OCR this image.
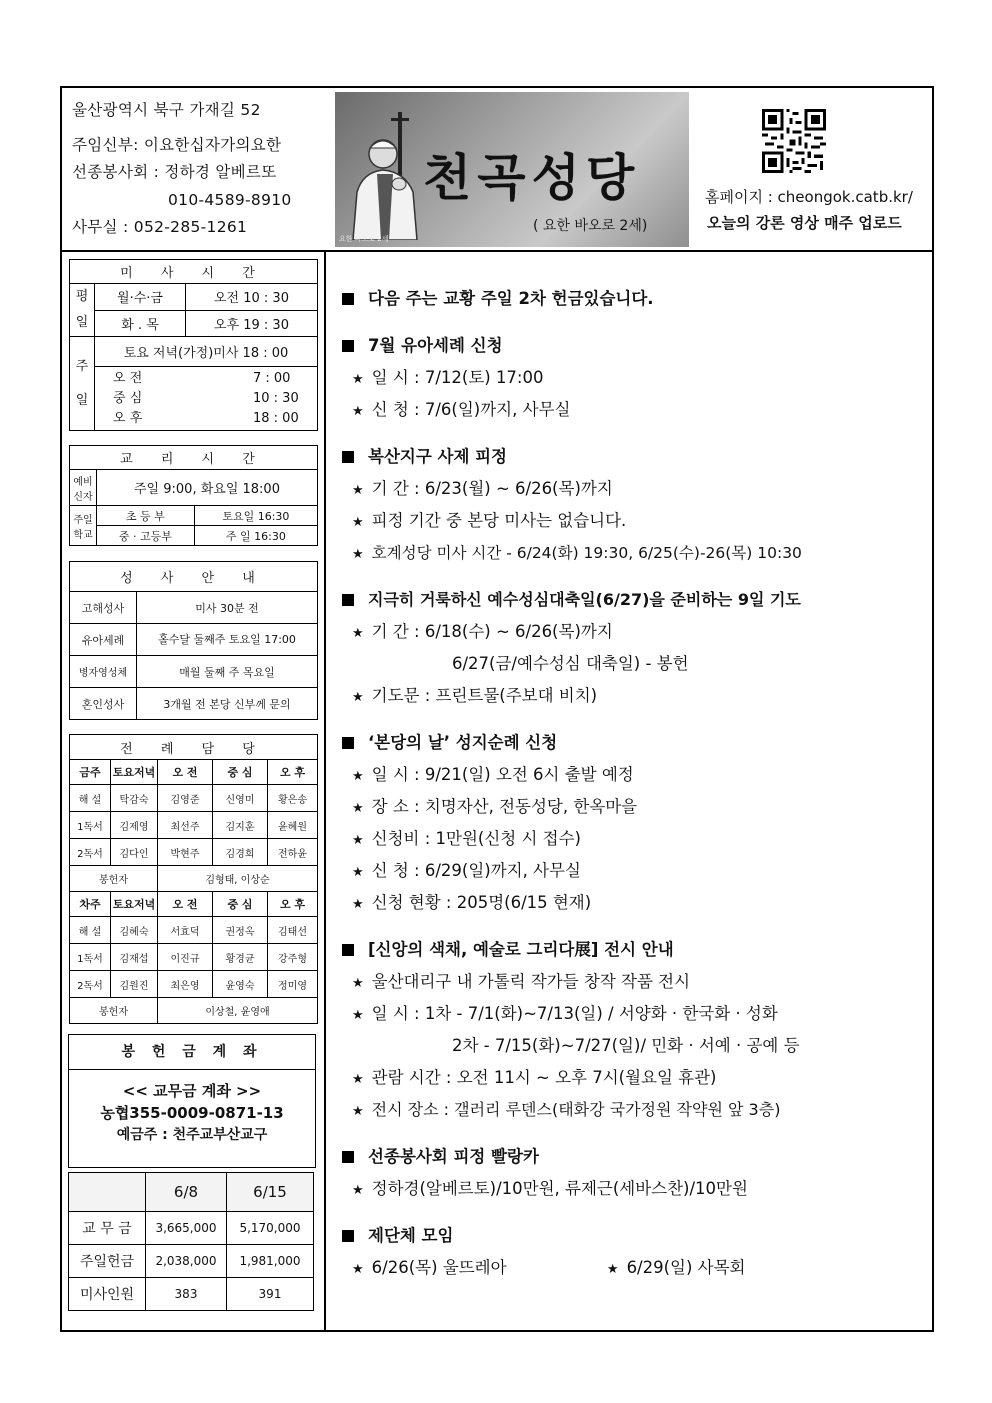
울산광역시 북구 가재길 52
주임신부: 이요한십자가의요한
선종봉사회 : 정하경 알베르또
010-4589-8910
사무실 : 052-285-1261
천곡성당
( 요한 바오로 2세)
요한 바오로 2세
홈페이지 : cheongok.catb.kr/
오늘의 강론 영상 매주 업로드
미 사 시 간		
평일	월·수·금	오전 10 : 30
	화 . 목	오후 19 : 30
주일	토요 저녁(가정)미사 18 : 00	

	오 전 7 : 00
중 심 10 : 30
오 후 18 : 00	
교 리 시 간		
예비 신자	주일 9:00, 화요일 18:00	
주일 학교	초 등 부	토요일 16:30
	중 · 고등부	주 일 16:30
성 사 안 내	
고해성사	미사 30분 전
유아세례	홀수달 둘째주 토요일 17:00
병자영성체	매월 둘째 주 목요일
혼인성사	3개월 전 본당 신부께 문의
전 례 담 당				
금주	토요저녁	오 전	중 심	오 후
해 설	탁감숙	김영준	신영미	황은송
1독서	김제영	최선주	김지훈	윤혜원
2독서	김다인	박현주	김경희	전하윤
봉헌자		김형태, 이상순		
차주	토요저녁	오 전	중 심	오 후
해 설	김혜숙	서효덕	권정옥	김태선
1독서	김재섭	이진규	황경균	강주형
2독서	김원진	최은영	윤영숙	정미영
봉헌자		이상철, 윤영애		
봉 헌 금 계 좌
<< 교무금 계좌 >>
농협355-0009-0871-13
예금주 : 천주교부산교구
	6/8	6/15
교 무 금	3,665,000	5,170,000
주일헌금	2,038,000	1,981,000
미사인원	383	391
다음 주는 교황 주일 2차 헌금있습니다.
7월 유아세례 신청
★ 일 시 : 7/12(토) 17:00
★ 신 청 : 7/6(일)까지, 사무실
복산지구 사제 피정
★ 기 간 : 6/23(월) ~ 6/26(목)까지
★ 피정 기간 중 본당 미사는 없습니다.
★ 호계성당 미사 시간 - 6/24(화) 19:30, 6/25(수)-26(목) 10:30
지극히 거룩하신 예수성심대축일(6/27)을 준비하는 9일 기도
★ 기 간 : 6/18(수) ~ 6/26(목)까지
6/27(금/예수성심 대축일) - 봉헌
★ 기도문 : 프린트물(주보대 비치)
‘본당의 날’ 성지순례 신청
★ 일 시 : 9/21(일) 오전 6시 출발 예정
★ 장 소 : 치명자산, 전동성당, 한옥마을
★ 신청비 : 1만원(신청 시 접수)
★ 신 청 : 6/29(일)까지, 사무실
★ 신청 현황 : 205명(6/15 현재)
[신앙의 색채, 예술로 그리다展] 전시 안내
★ 울산대리구 내 가톨릭 작가들 창작 작품 전시
★ 일 시 : 1차 - 7/1(화)~7/13(일) / 서양화 · 한국화 · 성화
2차 - 7/15(화)~7/27(일)/ 민화 · 서예 · 공예 등
★ 관람 시간 : 오전 11시 ~ 오후 7시(월요일 휴관)
★ 전시 장소 : 갤러리 루덴스(태화강 국가정원 작약원 앞 3층)
선종봉사회 피정 빨랑카
★ 정하경(알베르토)/10만원, 류제근(세바스찬)/10만원
제단체 모임
★ 6/26(목) 울뜨레아	★ 6/29(일) 사목회
